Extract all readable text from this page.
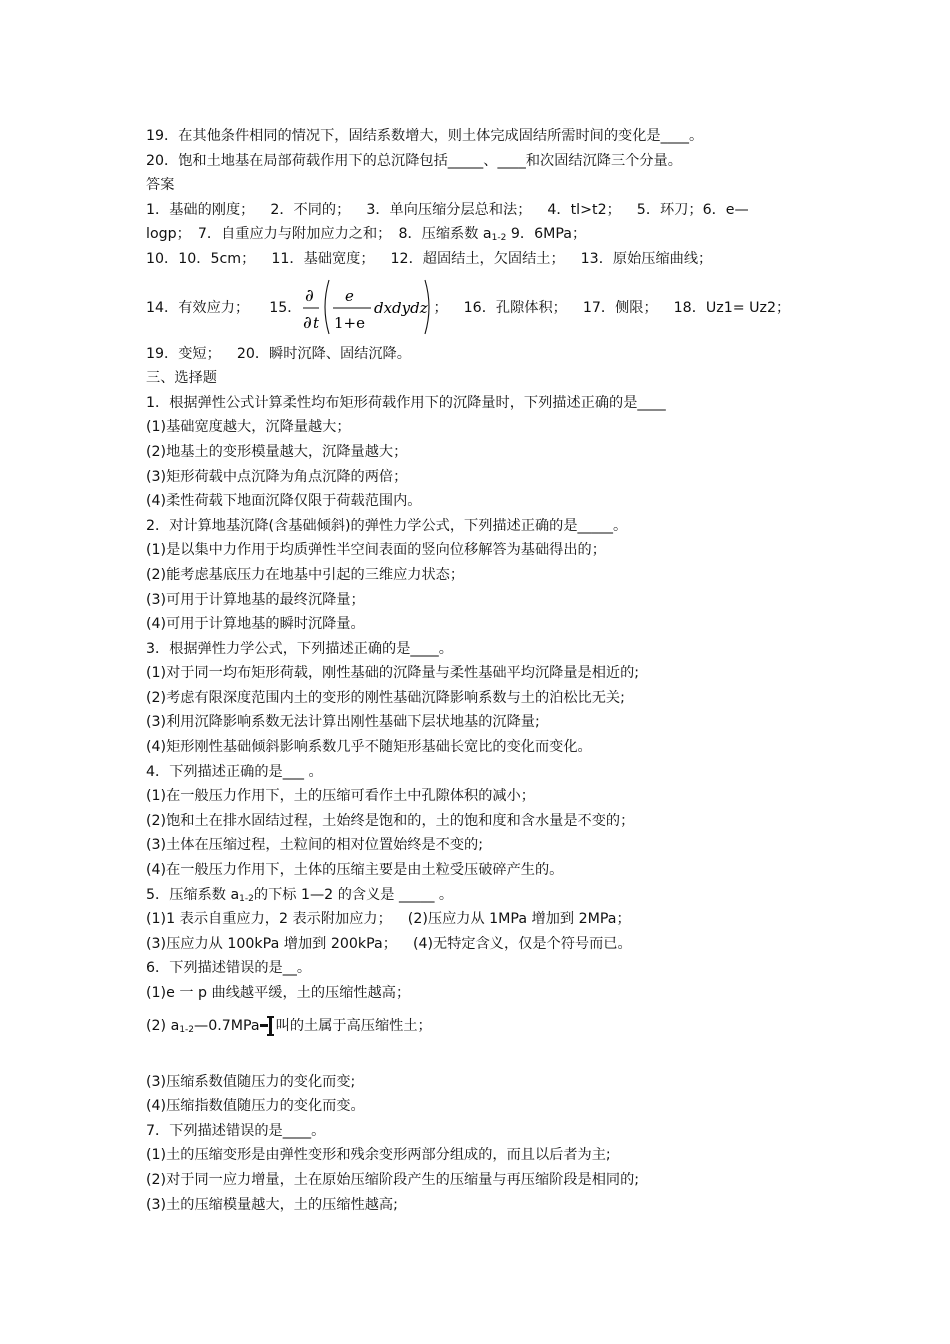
19．在其他条件相同的情况下，固结系数增大，则土体完成固结所需时间的变化是____。
20．饱和土地基在局部荷载作用下的总沉降包括_____、____和次固结沉降三个分量。
答案
1．基础的刚度； 2．不同的； 3．单向压缩分层总和法； 4．tl>t2； 5．环刀；6．e—
logp；　7．自重应力与附加应力之和；　8．压缩系数 $a_{1-2}$ 9．6MPa；
10．10．5cm； 11．基础宽度； 12．超固结土，欠固结土； 13．原始压缩曲线；
14．有效应力； 15．
∂
∂ t
e
1+e
dxdydz ； 16．孔隙体积； 17．侧限； 18．Uz1= Uz2；
19．变短； 20．瞬时沉降、固结沉降。
三、选择题
1．根据弹性公式计算柔性均布矩形荷载作用下的沉降量时，下列描述正确的是____
(1)基础宽度越大，沉降量越大；
(2)地基土的变形模量越大，沉降量越大；
(3)矩形荷载中点沉降为角点沉降的两倍；
(4)柔性荷载下地面沉降仅限于荷载范围内。
2．对计算地基沉降(含基础倾斜)的弹性力学公式，下列描述正确的是_____。
(1)是以集中力作用于均质弹性半空间表面的竖向位移解答为基础得出的；
(2)能考虑基底压力在地基中引起的三维应力状态；
(3)可用于计算地基的最终沉降量；
(4)可用于计算地基的瞬时沉降量。
3．根据弹性力学公式，下列描述正确的是____。
(1)对于同一均布矩形荷载，刚性基础的沉降量与柔性基础平均沉降量是相近的;
(2)考虑有限深度范围内土的变形的刚性基础沉降影响系数与土的泊松比无关;
(3)利用沉降影响系数无法计算出刚性基础下层状地基的沉降量;
(4)矩形刚性基础倾斜影响系数几乎不随矩形基础长宽比的变化而变化。
4．下列描述正确的是___ 。
(1)在一般压力作用下，土的压缩可看作土中孔隙体积的减小；
(2)饱和土在排水固结过程，土始终是饱和的，土的饱和度和含水量是不变的；
(3)土体在压缩过程，土粒间的相对位置始终是不变的;
(4)在一般压力作用下，土体的压缩主要是由土粒受压破碎产生的。
5．压缩系数 $a_{1-2}$的下标 1—2 的含义是 _____ 。
(1)1 表示自重应力，2 表示附加应力； (2)压应力从 1MPa 增加到 2MPa；
(3)压应力从 100kPa 增加到 200kPa； (4)无特定含义，仅是个符号而已。
6．下列描述错误的是__。
(1)e 一 p 曲线越平缓，土的压缩性越高；
(2) $a_{1-2}—0.7MPa$ 叫的土属于高压缩性土；
(3)压缩系数值随压力的变化而变;
(4)压缩指数值随压力的变化而变。
7．下列描述错误的是____。
(1)土的压缩变形是由弹性变形和残余变形两部分组成的，而且以后者为主;
(2)对于同一应力增量，土在原始压缩阶段产生的压缩量与再压缩阶段是相同的;
(3)土的压缩模量越大，土的压缩性越高;
